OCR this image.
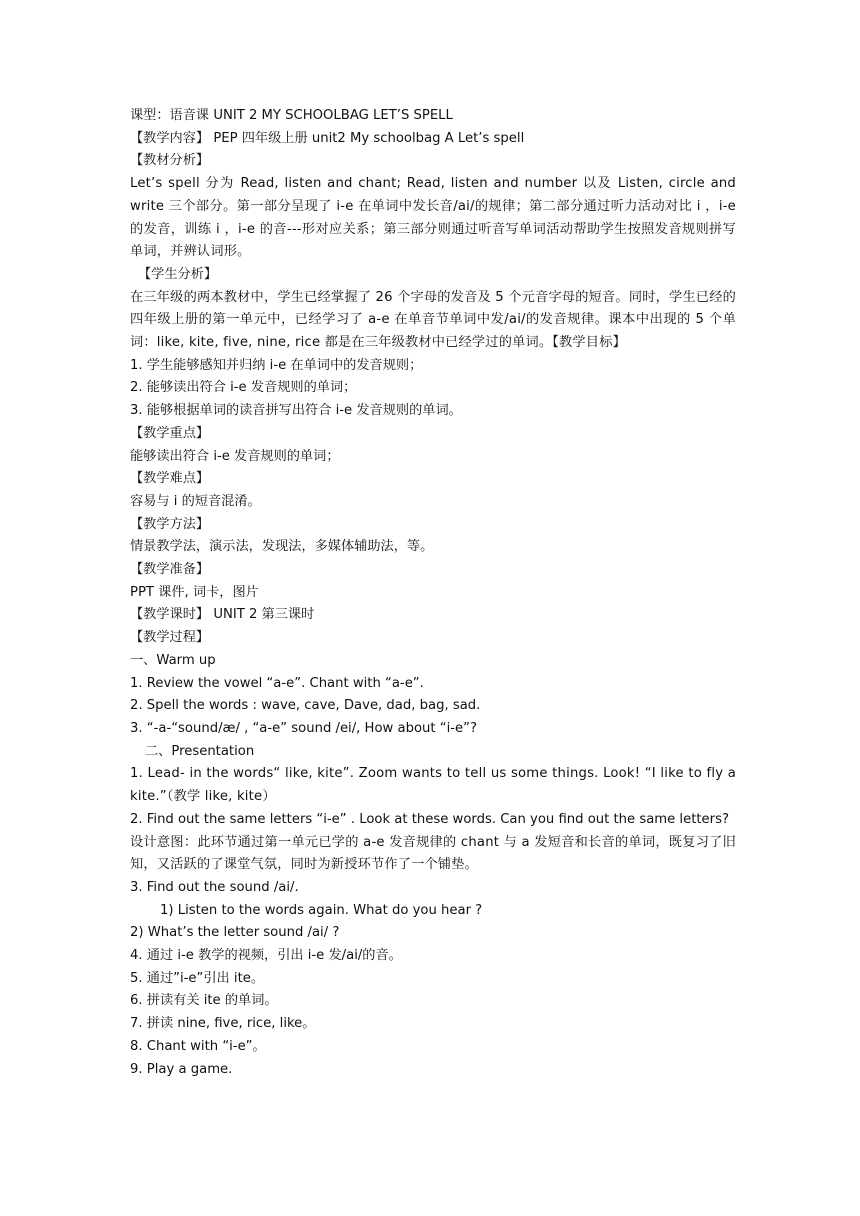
课型：语音课 UNIT 2 MY SCHOOLBAG LET’S SPELL

【教学内容】 PEP 四年级上册 unit2 My schoolbag A Let’s spell

【教材分析】

Let’s spell 分为 Read, listen and chant; Read, listen and number 以及 Listen, circle and write 三个部分。第一部分呈现了 i-e 在单词中发长音/ai/的规律；第二部分通过听力活动对比 i ，i-e 的发音，训练 i ，i-e 的音---形对应关系；第三部分则通过听音写单词活动帮助学生按照发音规则拼写单词，并辨认词形。

【学生分析】

在三年级的两本教材中，学生已经掌握了 26 个字母的发音及 5 个元音字母的短音。同时，学生已经的四年级上册的第一单元中，已经学习了 a-e 在单音节单词中发/ai/的发音规律。课本中出现的 5 个单词：like, kite, five, nine, rice 都是在三年级教材中已经学过的单词。【教学目标】

1. 学生能够感知并归纳 i-e 在单词中的发音规则；

2. 能够读出符合 i-e 发音规则的单词；

3. 能够根据单词的读音拼写出符合 i-e 发音规则的单词。

【教学重点】

能够读出符合 i-e 发音规则的单词；

【教学难点】

容易与 i 的短音混淆。

【教学方法】

情景教学法，演示法，发现法，多媒体辅助法，等。

【教学准备】

PPT 课件, 词卡，图片

【教学课时】 UNIT 2 第三课时

【教学过程】

一、Warm up

1. Review the vowel “a-e”. Chant with “a-e”.

2. Spell the words : wave, cave, Dave, dad, bag, sad.

3. “-a-“sound/æ/ , “a-e” sound /ei/, How about “i-e”?

二、Presentation

1. Lead- in the words“ like, kite”. Zoom wants to tell us some things. Look! “I like to fly a kite.”（教学 like, kite）

2. Find out the same letters “i-e” . Look at these words. Can you find out the same letters?

设计意图：此环节通过第一单元已学的 a-e 发音规律的 chant 与 a 发短音和长音的单词，既复习了旧知，又活跃的了课堂气氛，同时为新授环节作了一个铺垫。

3. Find out the sound /ai/.

1) Listen to the words again. What do you hear ?

2) What’s the letter sound /ai/ ?

4. 通过 i-e 教学的视频，引出 i-e 发/ai/的音。

5. 通过”i-e”引出 ite。

6. 拼读有关 ite 的单词。

7. 拼读 nine, five, rice, like。

8. Chant with “i-e”。

9. Play a game.
